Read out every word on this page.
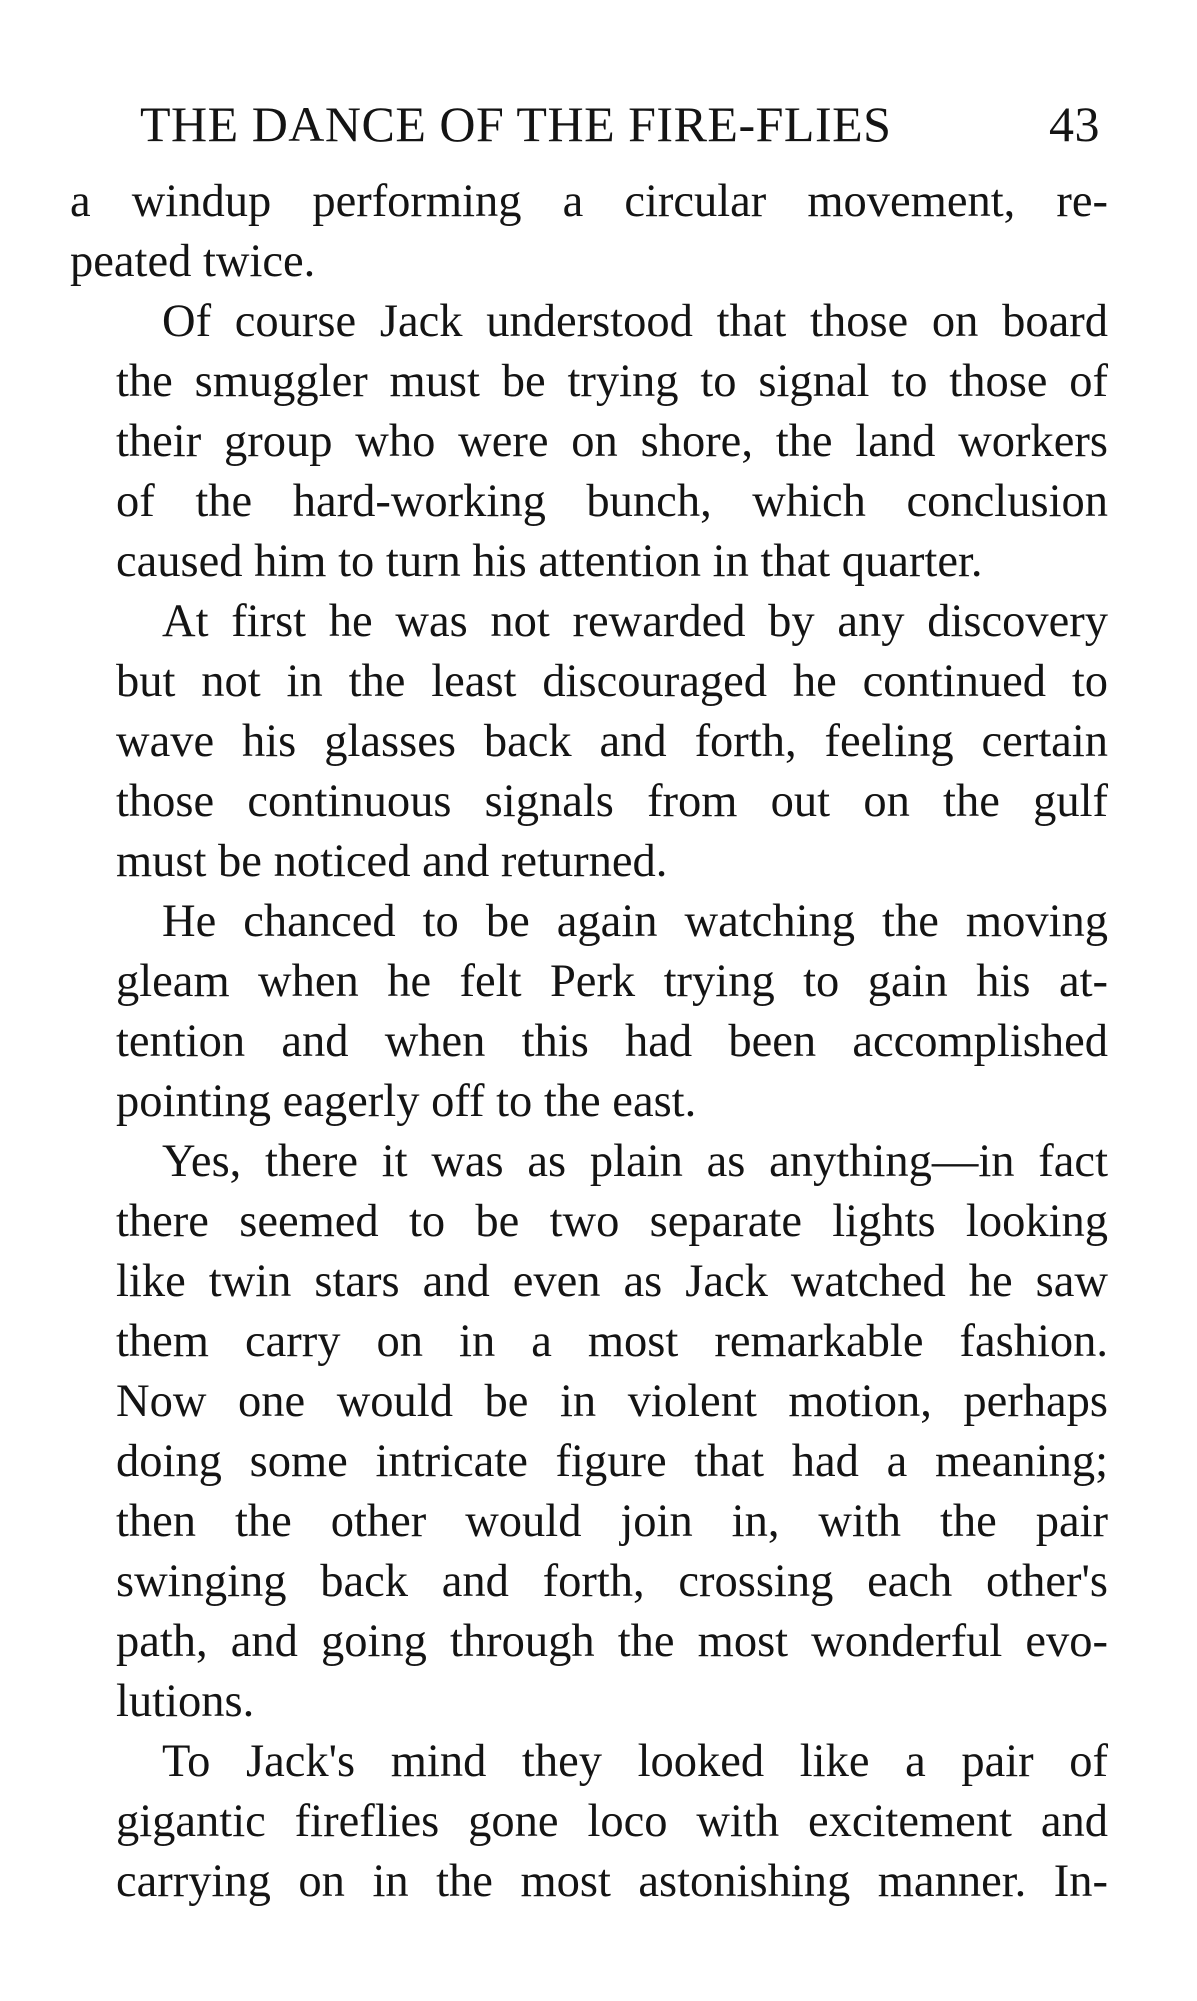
THE DANCE OF THE FIRE-FLIES	43

a windup performing a circular movement, re-
peated twice.

Of course Jack understood that those on board
the smuggler must be trying to signal to those of
their group who were on shore, the land workers
of the hard-working bunch, which conclusion
caused him to turn his attention in that quarter.

At first he was not rewarded by any discovery
but not in the least discouraged he continued to
wave his glasses back and forth, feeling certain
those continuous signals from out on the gulf
must be noticed and returned.

He chanced to be again watching the moving
gleam when he felt Perk trying to gain his at-
tention and when this had been accomplished
pointing eagerly off to the east.

Yes, there it was as plain as anything—in fact
there seemed to be two separate lights looking
like twin stars and even as Jack watched he saw
them carry on in a most remarkable fashion.
Now one would be in violent motion, perhaps
doing some intricate figure that had a meaning;
then the other would join in, with the pair
swinging back and forth, crossing each other's
path, and going through the most wonderful evo-
lutions.

To Jack's mind they looked like a pair of
gigantic fireflies gone loco with excitement and
carrying on in the most astonishing manner. In-
